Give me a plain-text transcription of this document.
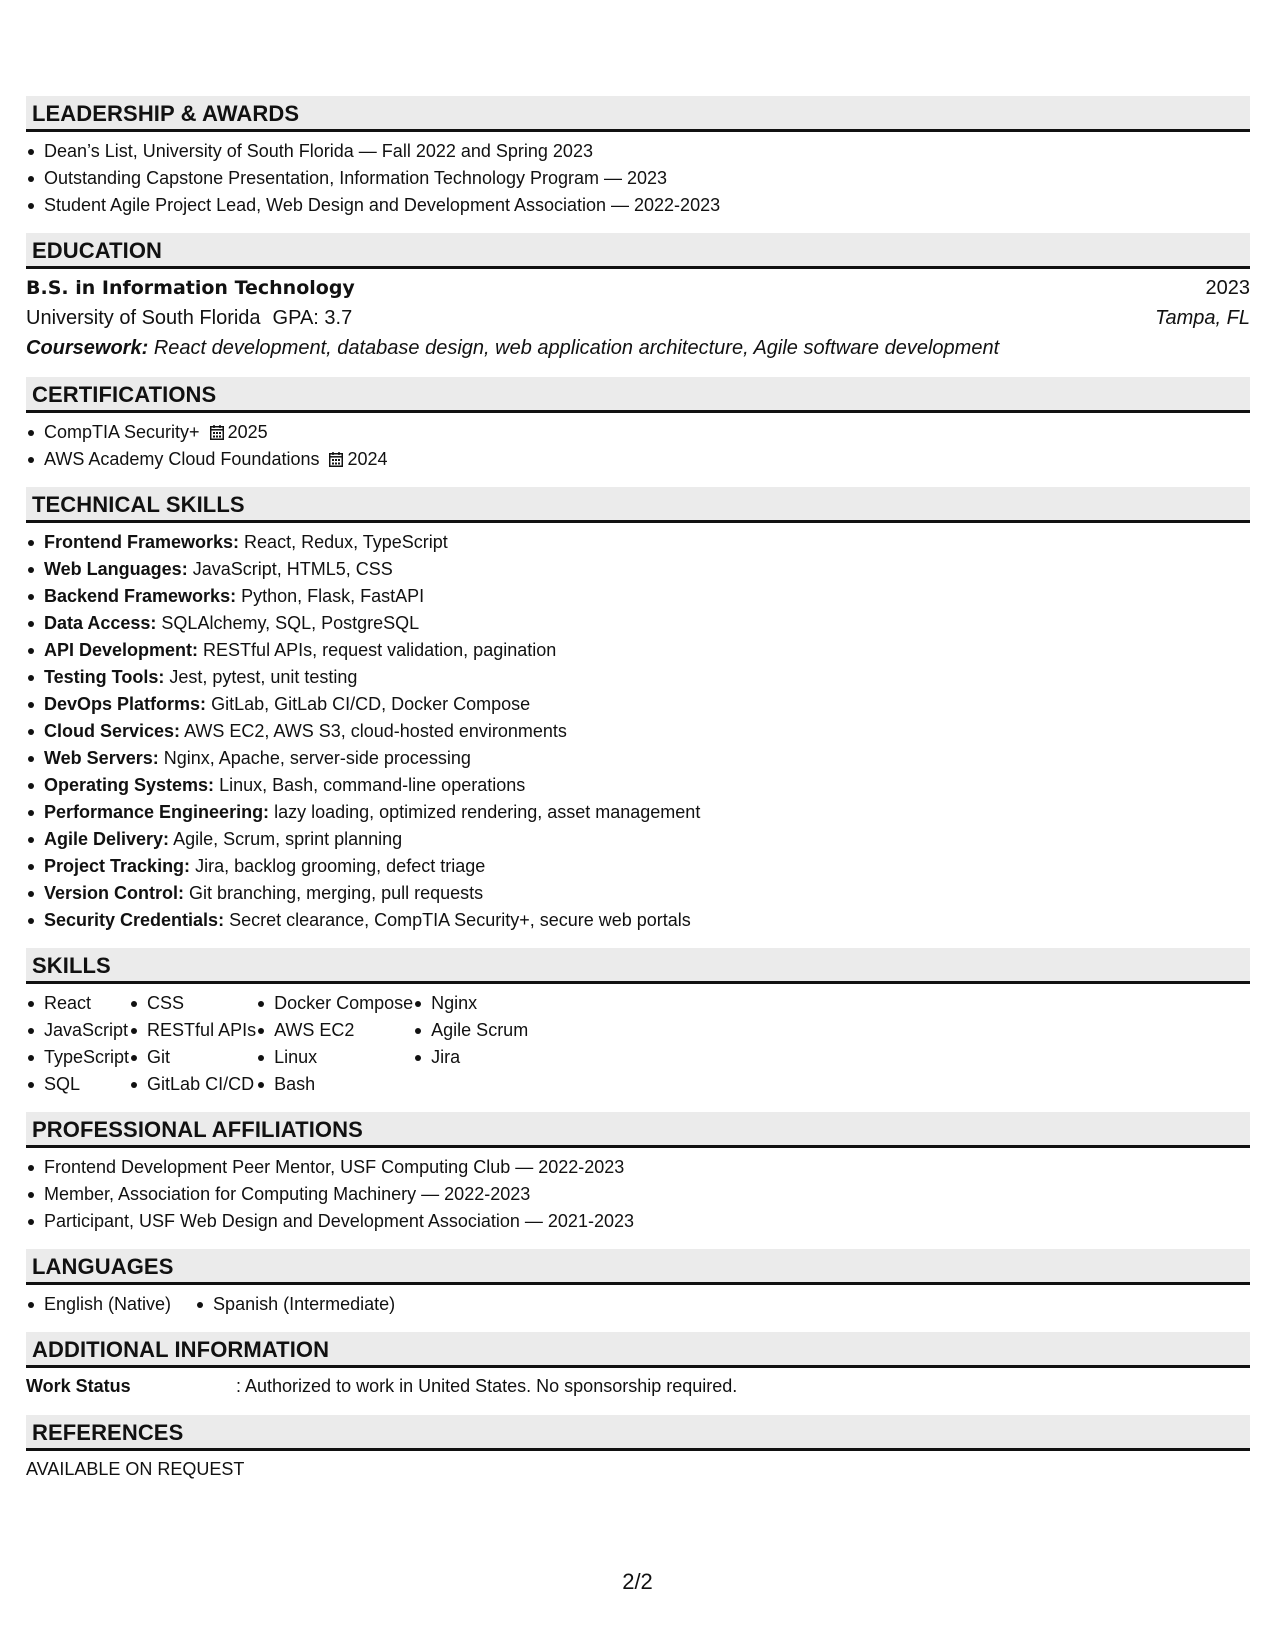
LEADERSHIP & AWARDS
Dean’s List, University of South Florida — Fall 2022 and Spring 2023
Outstanding Capstone Presentation, Information Technology Program — 2023
Student Agile Project Lead, Web Design and Development Association — 2022-2023
EDUCATION
B.S. in Information Technology	2023
University of South Florida GPA: 3.7	Tampa, FL
Coursework: React development, database design, web application architecture, Agile software development
CERTIFICATIONS
CompTIA Security+ 2025
AWS Academy Cloud Foundations 2024
TECHNICAL SKILLS
Frontend Frameworks: React, Redux, TypeScript
Web Languages: JavaScript, HTML5, CSS
Backend Frameworks: Python, Flask, FastAPI
Data Access: SQLAlchemy, SQL, PostgreSQL
API Development: RESTful APIs, request validation, pagination
Testing Tools: Jest, pytest, unit testing
DevOps Platforms: GitLab, GitLab CI/CD, Docker Compose
Cloud Services: AWS EC2, AWS S3, cloud-hosted environments
Web Servers: Nginx, Apache, server-side processing
Operating Systems: Linux, Bash, command-line operations
Performance Engineering: lazy loading, optimized rendering, asset management
Agile Delivery: Agile, Scrum, sprint planning
Project Tracking: Jira, backlog grooming, defect triage
Version Control: Git branching, merging, pull requests
Security Credentials: Secret clearance, CompTIA Security+, secure web portals
SKILLS
React
JavaScript
TypeScript
SQL
CSS
RESTful APIs
Git
GitLab CI/CD
Docker Compose
AWS EC2
Linux
Bash
Nginx
Agile Scrum
Jira
PROFESSIONAL AFFILIATIONS
Frontend Development Peer Mentor, USF Computing Club — 2022-2023
Member, Association for Computing Machinery — 2022-2023
Participant, USF Web Design and Development Association — 2021-2023
LANGUAGES
English (Native)	Spanish (Intermediate)
ADDITIONAL INFORMATION
Work Status	: Authorized to work in United States. No sponsorship required.
REFERENCES
AVAILABLE ON REQUEST
2/2
